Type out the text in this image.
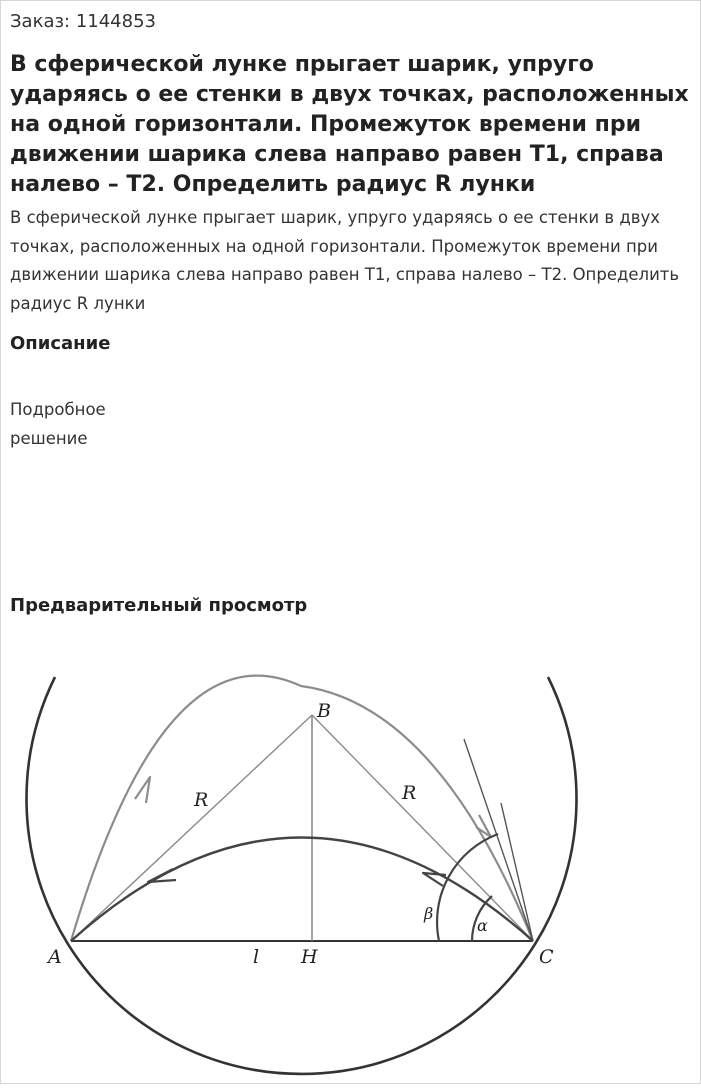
Заказ: 1144853
В сферической лунке прыгает шарик, упруго ударяясь о ее стенки в двух точках, расположенных на одной горизонтали. Промежуток времени при движении шарика слева направо равен Т1, справа налево – Т2. Определить радиус R лунки

В сферической лунке прыгает шарик, упруго ударяясь о ее стенки в двух точках, расположенных на одной горизонтали. Промежуток времени при движении шарика слева направо равен Т1, справа налево – Т2. Определить радиус R лунки

Описание

Подробное решение

Предварительный просмотр
A
B
C
H
l
R	R
α
β
